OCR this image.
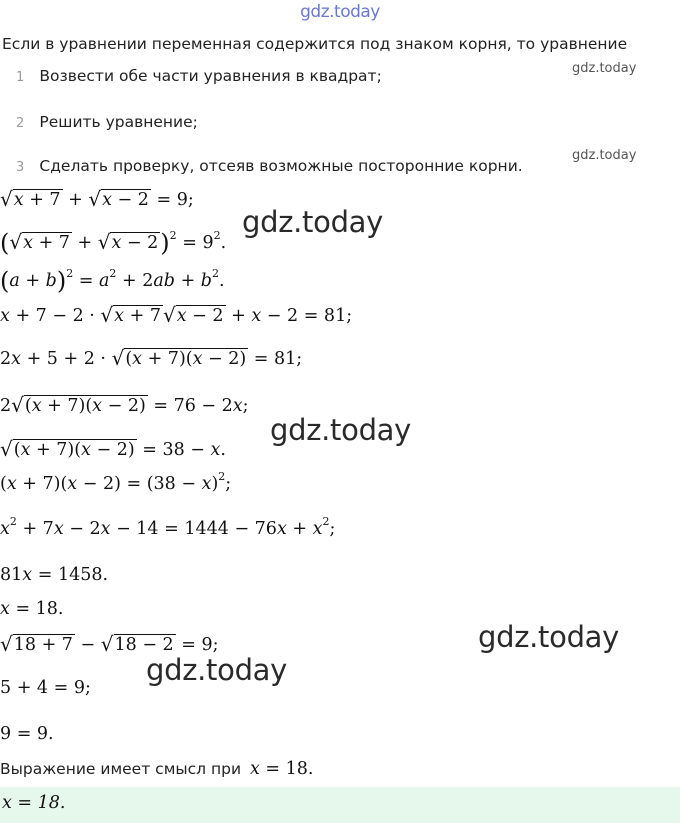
gdz.today
Если в уравнении переменная содержится под знаком корня, то уравнение
1 Возвести обе части уравнения в квадрат;	gdz.today
2 Решить уравнение;
3 Сделать проверку, отсеяв возможные посторонние корни.
gdz.today
√x + 7 + √x − 2 = 9;
$(√x + 7 + √x - 2)^2 = 9^2$.
$(a + b)^2 = a^2 + 2ab + b^2$.
x + 7 − 2 · √x + 7 √x − 2 + x − 2 = 81;
2x + 5 + 2 · √(x + 7)(x − 2) = 81;
2√(x + 7)(x − 2) = 76 − 2x;
√(x + 7)(x − 2) = 38 − x.
$(x + 7)(x - 2) = (38 - x)^2$;
$x^2 + 7x - 2x - 14 = 1444 - 76x + x^2$;
81x = 1458.
x = 18.
√18 + 7 − √18 − 2 = 9;
5 + 4 = 9;
9 = 9.
gdz.today
gdz.today
gdz.today
gdz.today
Выражение имеет смысл при x = 18.
x = 18.
